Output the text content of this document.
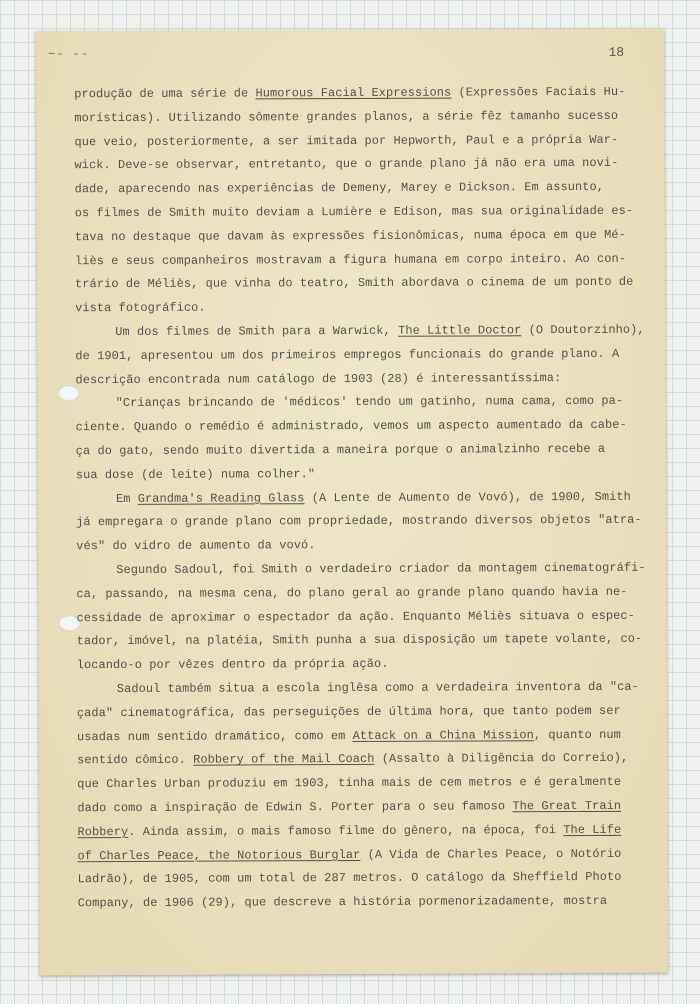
~- --	18
produção de uma série de Humorous Facial Expressions (Expressões Faciais Hu-
morísticas). Utilizando sômente grandes planos, a série fêz tamanho sucesso
que veio, posteriormente, a ser imitada por Hepworth, Paul e a própria War-
wick. Deve-se observar, entretanto, que o grande plano já não era uma novi-
dade, aparecendo nas experiências de Demeny, Marey e Dickson. Em assunto,
os filmes de Smith muito deviam a Lumière e Edison, mas sua originalidade es-
tava no destaque que davam às expressões fisionômicas, numa época em que Mé-
liès e seus companheiros mostravam a figura humana em corpo inteiro. Ao con-
trário de Méliès, que vinha do teatro, Smith abordava o cinema de um ponto de
vista fotográfico.
Um dos filmes de Smith para a Warwick, The Little Doctor (O Doutorzinho),
de 1901, apresentou um dos primeiros empregos funcionais do grande plano. A
descrição encontrada num catálogo de 1903 (28) é interessantíssima:
"Crianças brincando de 'médicos' tendo um gatinho, numa cama, como pa-
ciente. Quando o remédio é administrado, vemos um aspecto aumentado da cabe-
ça do gato, sendo muito divertida a maneira porque o animalzinho recebe a
sua dose (de leite) numa colher."
Em Grandma's Reading Glass (A Lente de Aumento de Vovó), de 1900, Smith
já empregara o grande plano com propriedade, mostrando diversos objetos "atra-
vés" do vidro de aumento da vovó.
Segundo Sadoul, foi Smith o verdadeiro criador da montagem cinematográfi-
ca, passando, na mesma cena, do plano geral ao grande plano quando havia ne-
cessidade de aproximar o espectador da ação. Enquanto Méliès situava o espec-
tador, imóvel, na platéia, Smith punha a sua disposição um tapete volante, co-
locando-o por vêzes dentro da própria ação.
Sadoul também situa a escola inglêsa como a verdadeira inventora da "ca-
çada" cinematográfica, das perseguições de última hora, que tanto podem ser
usadas num sentido dramático, como em Attack on a China Mission, quanto num
sentido cômico. Robbery of the Mail Coach (Assalto à Diligência do Correio),
que Charles Urban produziu em 1903, tinha mais de cem metros e é geralmente
dado como a inspiração de Edwin S. Porter para o seu famoso The Great Train
Robbery. Ainda assim, o mais famoso filme do gênero, na época, foi The Life
of Charles Peace, the Notorious Burglar (A Vida de Charles Peace, o Notório
Ladrão), de 1905, com um total de 287 metros. O catálogo da Sheffield Photo
Company, de 1906 (29), que descreve a história pormenorizadamente, mostra
